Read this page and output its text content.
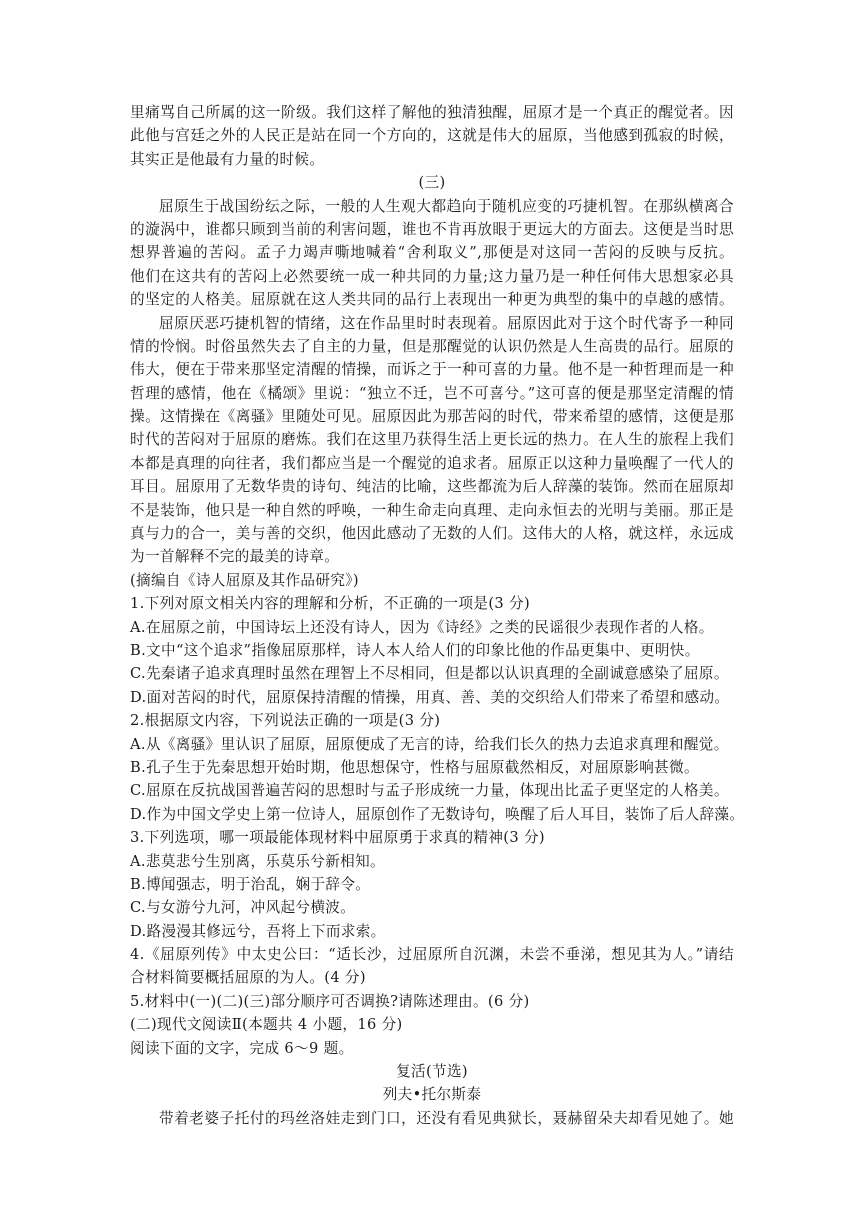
里痛骂自己所属的这一阶级。我们这样了解他的独清独醒，屈原才是一个真正的醒觉者。因
此他与宫廷之外的人民正是站在同一个方向的，这就是伟大的屈原，当他感到孤寂的时候，
其实正是他最有力量的时候。
(三)
屈原生于战国纷纭之际，一般的人生观大都趋向于随机应变的巧捷机智。在那纵横离合
的漩涡中，谁都只顾到当前的利害问题，谁也不肯再放眼于更远大的方面去。这便是当时思
想界普遍的苦闷。孟子力竭声嘶地喊着“舍利取义”,那便是对这同一苦闷的反映与反抗。
他们在这共有的苦闷上必然要统一成一种共同的力量;这力量乃是一种任何伟大思想家必具
的坚定的人格美。屈原就在这人类共同的品行上表现出一种更为典型的集中的卓越的感情。
屈原厌恶巧捷机智的情绪，这在作品里时时表现着。屈原因此对于这个时代寄予一种同
情的怜悯。时俗虽然失去了自主的力量，但是那醒觉的认识仍然是人生高贵的品行。屈原的
伟大，便在于带来那坚定清醒的情操，而诉之于一种可喜的力量。他不是一种哲理而是一种
哲理的感情，他在《橘颂》里说：“独立不迁，岂不可喜兮。”这可喜的便是那坚定清醒的情
操。这情操在《离骚》里随处可见。屈原因此为那苦闷的时代，带来希望的感情，这便是那
时代的苦闷对于屈原的磨炼。我们在这里乃获得生活上更长远的热力。在人生的旅程上我们
本都是真理的向往者，我们都应当是一个醒觉的追求者。屈原正以这种力量唤醒了一代人的
耳目。屈原用了无数华贵的诗句、纯洁的比喻，这些都流为后人辞藻的装饰。然而在屈原却
不是装饰，他只是一种自然的呼唤，一种生命走向真理、走向永恒去的光明与美丽。那正是
真与力的合一，美与善的交织，他因此感动了无数的人们。这伟大的人格，就这样，永远成
为一首解释不完的最美的诗章。
(摘编自《诗人屈原及其作品研究》)
1.下列对原文相关内容的理解和分析，不正确的一项是(3 分)
A.在屈原之前，中国诗坛上还没有诗人，因为《诗经》之类的民谣很少表现作者的人格。
B.文中“这个追求”指像屈原那样，诗人本人给人们的印象比他的作品更集中、更明快。
C.先秦诸子追求真理时虽然在理智上不尽相同，但是都以认识真理的全副诚意感染了屈原。
D.面对苦闷的时代，屈原保持清醒的情操，用真、善、美的交织给人们带来了希望和感动。
2.根据原文内容，下列说法正确的一项是(3 分)
A.从《离骚》里认识了屈原，屈原便成了无言的诗，给我们长久的热力去追求真理和醒觉。
B.孔子生于先秦思想开始时期，他思想保守，性格与屈原截然相反，对屈原影响甚微。
C.屈原在反抗战国普遍苦闷的思想时与孟子形成统一力量，体现出比孟子更坚定的人格美。
D.作为中国文学史上第一位诗人，屈原创作了无数诗句，唤醒了后人耳目，装饰了后人辞藻。
3.下列选项，哪一项最能体现材料中屈原勇于求真的精神(3 分)
A.悲莫悲兮生别离，乐莫乐兮新相知。
B.博闻强志，明于治乱，娴于辞令。
C.与女游兮九河，冲风起兮横波。
D.路漫漫其修远兮，吾将上下而求索。
4.《屈原列传》中太史公曰：“适长沙，过屈原所自沉渊，未尝不垂涕，想见其为人。”请结
合材料简要概括屈原的为人。(4 分)
5.材料中(一)(二)(三)部分顺序可否调换?请陈述理由。(6 分)
(二)现代文阅读Ⅱ(本题共 4 小题，16 分)
阅读下面的文字，完成 6～9 题。
复活(节选)
列夫•托尔斯泰
带着老婆子托付的玛丝洛娃走到门口，还没有看见典狱长，聂赫留朵夫却看见她了。她
